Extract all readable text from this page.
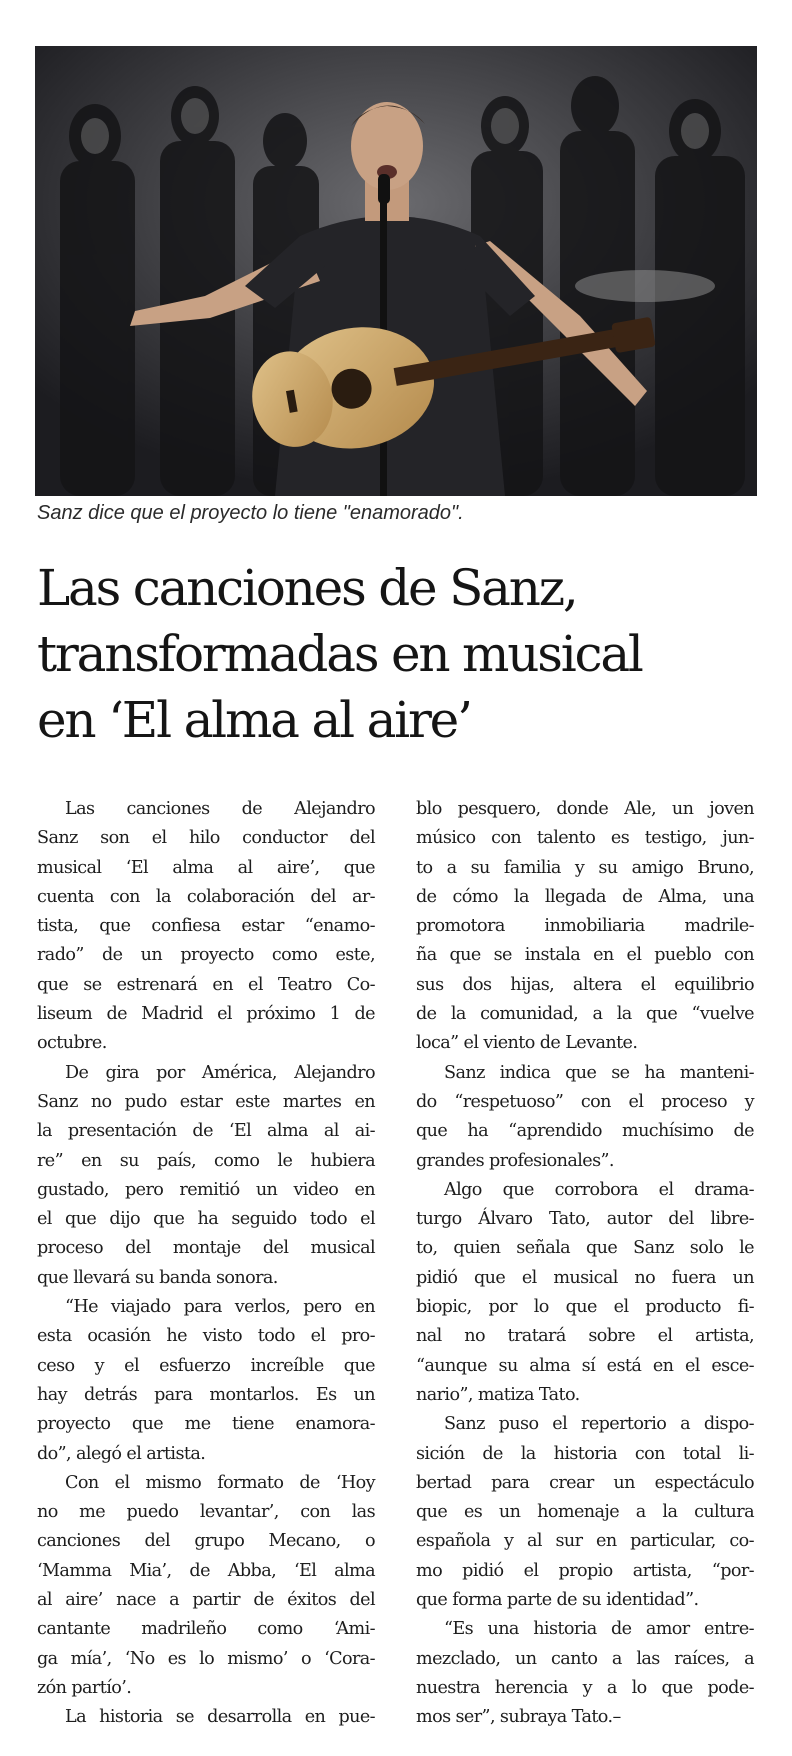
Sanz dice que el proyecto lo tiene "enamorado".
Las canciones de Sanz,
transformadas en musical
en ‘El alma al aire’
Las canciones de Alejandro
Sanz son el hilo conductor del
musical ‘El alma al aire’, que
cuenta con la colaboración del ar-
tista, que confiesa estar “enamo-
rado” de un proyecto como este,
que se estrenará en el Teatro Co-
liseum de Madrid el próximo 1 de
octubre.
De gira por América, Alejandro
Sanz no pudo estar este martes en
la presentación de ‘El alma al ai-
re” en su país, como le hubiera
gustado, pero remitió un video en
el que dijo que ha seguido todo el
proceso del montaje del musical
que llevará su banda sonora.
“He viajado para verlos, pero en
esta ocasión he visto todo el pro-
ceso y el esfuerzo increíble que
hay detrás para montarlos. Es un
proyecto que me tiene enamora-
do”, alegó el artista.
Con el mismo formato de ‘Hoy
no me puedo levantar’, con las
canciones del grupo Mecano, o
‘Mamma Mia’, de Abba, ‘El alma
al aire’ nace a partir de éxitos del
cantante madrileño como ‘Ami-
ga mía’, ‘No es lo mismo’ o ‘Cora-
zón partío’.
La historia se desarrolla en pue-
blo pesquero, donde Ale, un joven
músico con talento es testigo, jun-
to a su familia y su amigo Bruno,
de cómo la llegada de Alma, una
promotora inmobiliaria madrile-
ña que se instala en el pueblo con
sus dos hijas, altera el equilibrio
de la comunidad, a la que “vuelve
loca” el viento de Levante.
Sanz indica que se ha manteni-
do “respetuoso” con el proceso y
que ha “aprendido muchísimo de
grandes profesionales”.
Algo que corrobora el drama-
turgo Álvaro Tato, autor del libre-
to, quien señala que Sanz solo le
pidió que el musical no fuera un
biopic, por lo que el producto fi-
nal no tratará sobre el artista,
“aunque su alma sí está en el esce-
nario”, matiza Tato.
Sanz puso el repertorio a dispo-
sición de la historia con total li-
bertad para crear un espectáculo
que es un homenaje a la cultura
española y al sur en particular, co-
mo pidió el propio artista, “por-
que forma parte de su identidad”.
“Es una historia de amor entre-
mezclado, un canto a las raíces, a
nuestra herencia y a lo que pode-
mos ser”, subraya Tato.–
